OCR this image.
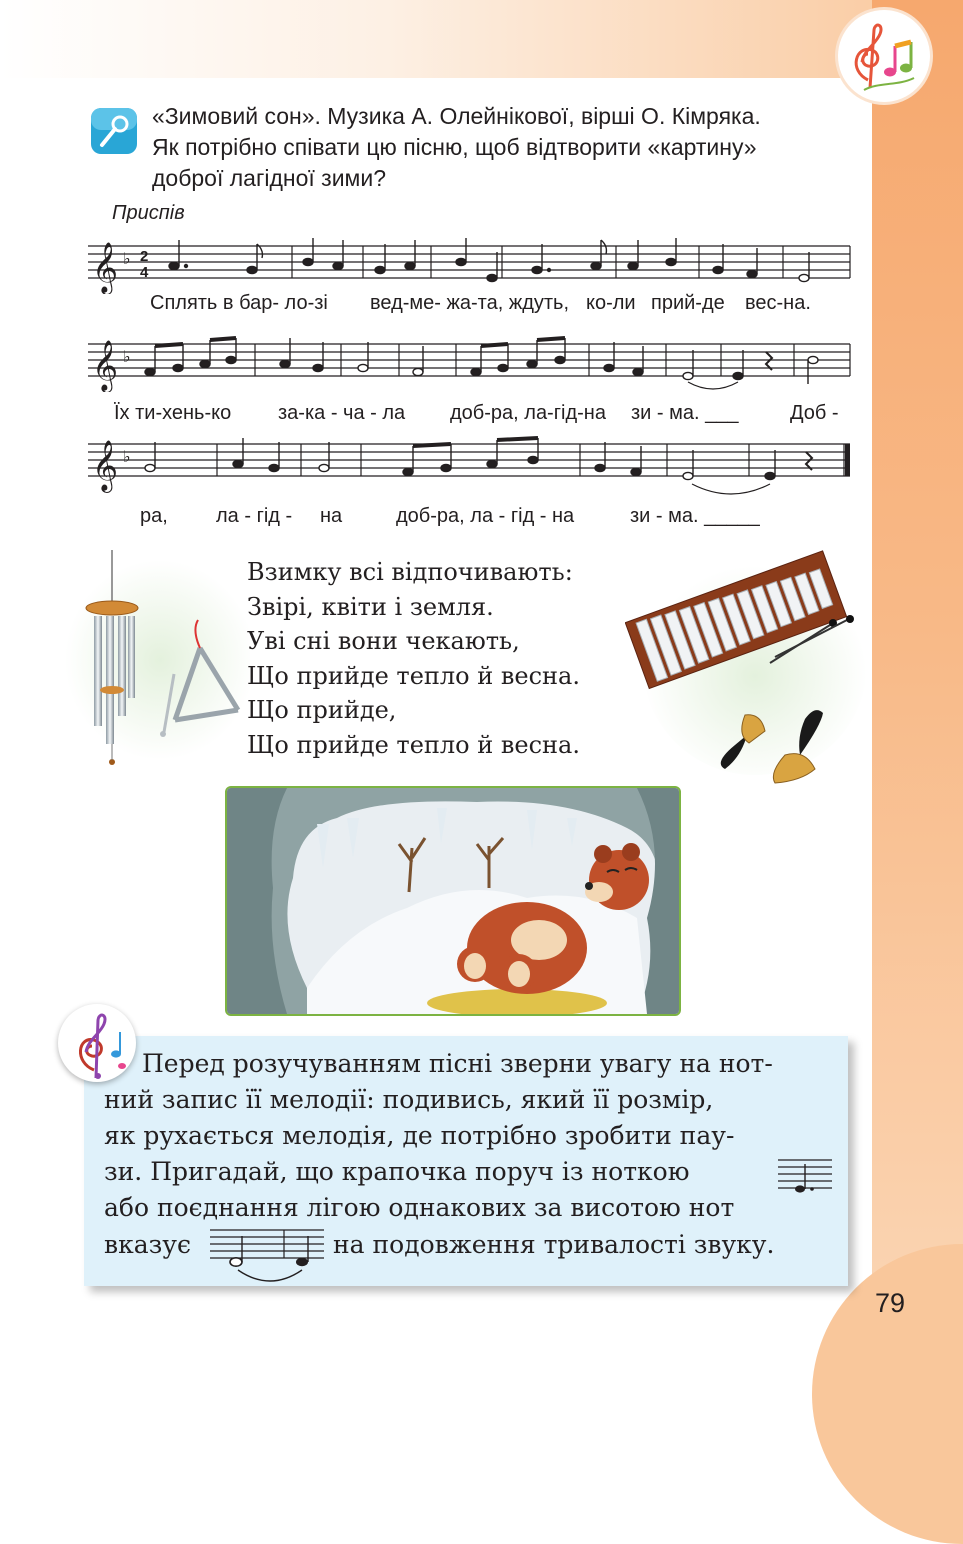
«Зимовий сон». Музика А. Олейнікової, вірші О. Кімряка.
Як потрібно співати цю пісню, щоб відтворити «картину»
доброї лагідної зими?
Приспів
𝄞 ♭ 2
4
Сплять в бар- ло-зі вед-ме- жа-та, ждуть, ко-ли прий-де вес-на.
𝄞 ♭
Їх ти-хень-ко за-ка - ча - ла доб-ра, ла-гід-на зи - ма. ___	Доб -
𝄞 ♭
ра, ла - гід - на	доб-ра, ла - гід - на	зи - ма. _____
Взимку всі відпочивають:
Звірі, квіти і земля.
Уві сні вони чекають,
Що прийде тепло й весна.
Що прийде,
Що прийде тепло й весна.
Перед розучуванням пісні зверни увагу на нот-
ний запис її мелодії: подивись, який її розмір,
як рухається мелодія, де потрібно зробити пау-
зи. Пригадай, що крапочка поруч із ноткою
або поєднання лігою однакових за висотою нот
вказує	на подовження тривалості звуку.
79
